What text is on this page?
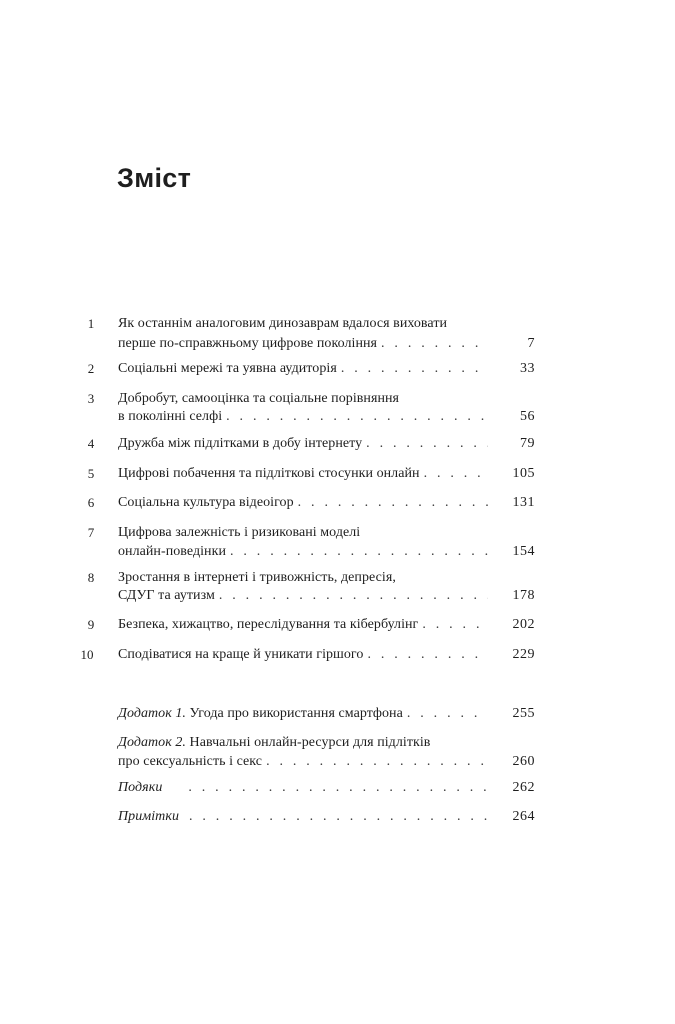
Зміст
1	Як останнім аналоговим динозаврам вдалося виховати
перше по-справжньому цифрове покоління . . .	7
2	Соціальні мережі та уявна аудиторія . . .	33
3	Добробут, самооцінка та соціальне порівняння
в поколінні селфі . . .	56
4	Дружба між підлітками в добу інтернету . . .	79
5	Цифрові побачення та підліткові стосунки онлайн . . .	105
6	Соціальна культура відеоігор . . .	131
7	Цифрова залежність і ризиковані моделі
онлайн-поведінки . . .	154
8	Зростання в інтернеті і тривожність, депресія,
СДУГ та аутизм . . .	178
9	Безпека, хижацтво, переслідування та кібербулінг . . .	202
10	Сподіватися на краще й уникати гіршого . . .	229
Додаток 1. Угода про використання смартфона . . .	255
Додаток 2. Навчальні онлайн-ресурси для підлітків
про сексуальність і секс . . .	260
Подяки . . .	262
Примітки . . .	264
